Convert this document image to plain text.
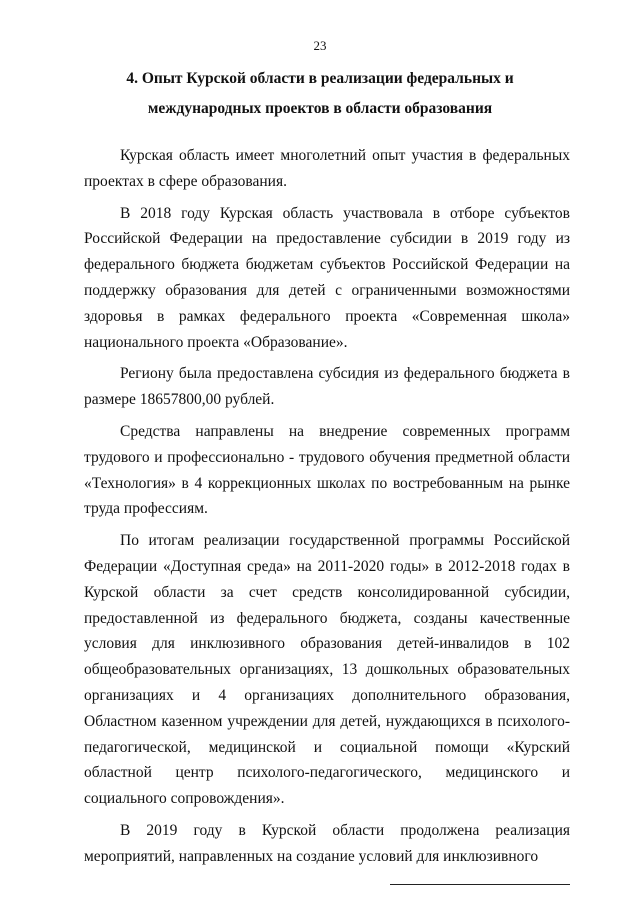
23
4. Опыт Курской области в реализации федеральных и
международных проектов в области образования

Курская область имеет многолетний опыт участия в федеральных проектах в сфере образования.

В 2018 году Курская область участвовала в отборе субъектов Российской Федерации на предоставление субсидии в 2019 году из федерального бюджета бюджетам субъектов Российской Федерации на поддержку образования для детей с ограниченными возможностями здоровья в рамках федерального проекта «Современная школа» национального проекта «Образование».

Региону была предоставлена субсидия из федерального бюджета в размере 18657800,00 рублей.

Средства направлены на внедрение современных программ трудового и профессионально - трудового обучения предметной области «Технология» в 4 коррекционных школах по востребованным на рынке труда профессиям.

По итогам реализации государственной программы Российской Федерации «Доступная среда» на 2011-2020 годы» в 2012-2018 годах в Курской области за счет средств консолидированной субсидии, предоставленной из федерального бюджета, созданы качественные условия для инклюзивного образования детей-инвалидов в 102 общеобразовательных организациях, 13 дошкольных образовательных организациях и 4 организациях дополнительного образования, Областном казенном учреждении для детей, нуждающихся в психолого-педагогической, медицинской и социальной помощи «Курский областной центр психолого-педагогического, медицинского и социального сопровождения».

В 2019 году в Курской области продолжена реализация мероприятий, направленных на создание условий для инклюзивного
